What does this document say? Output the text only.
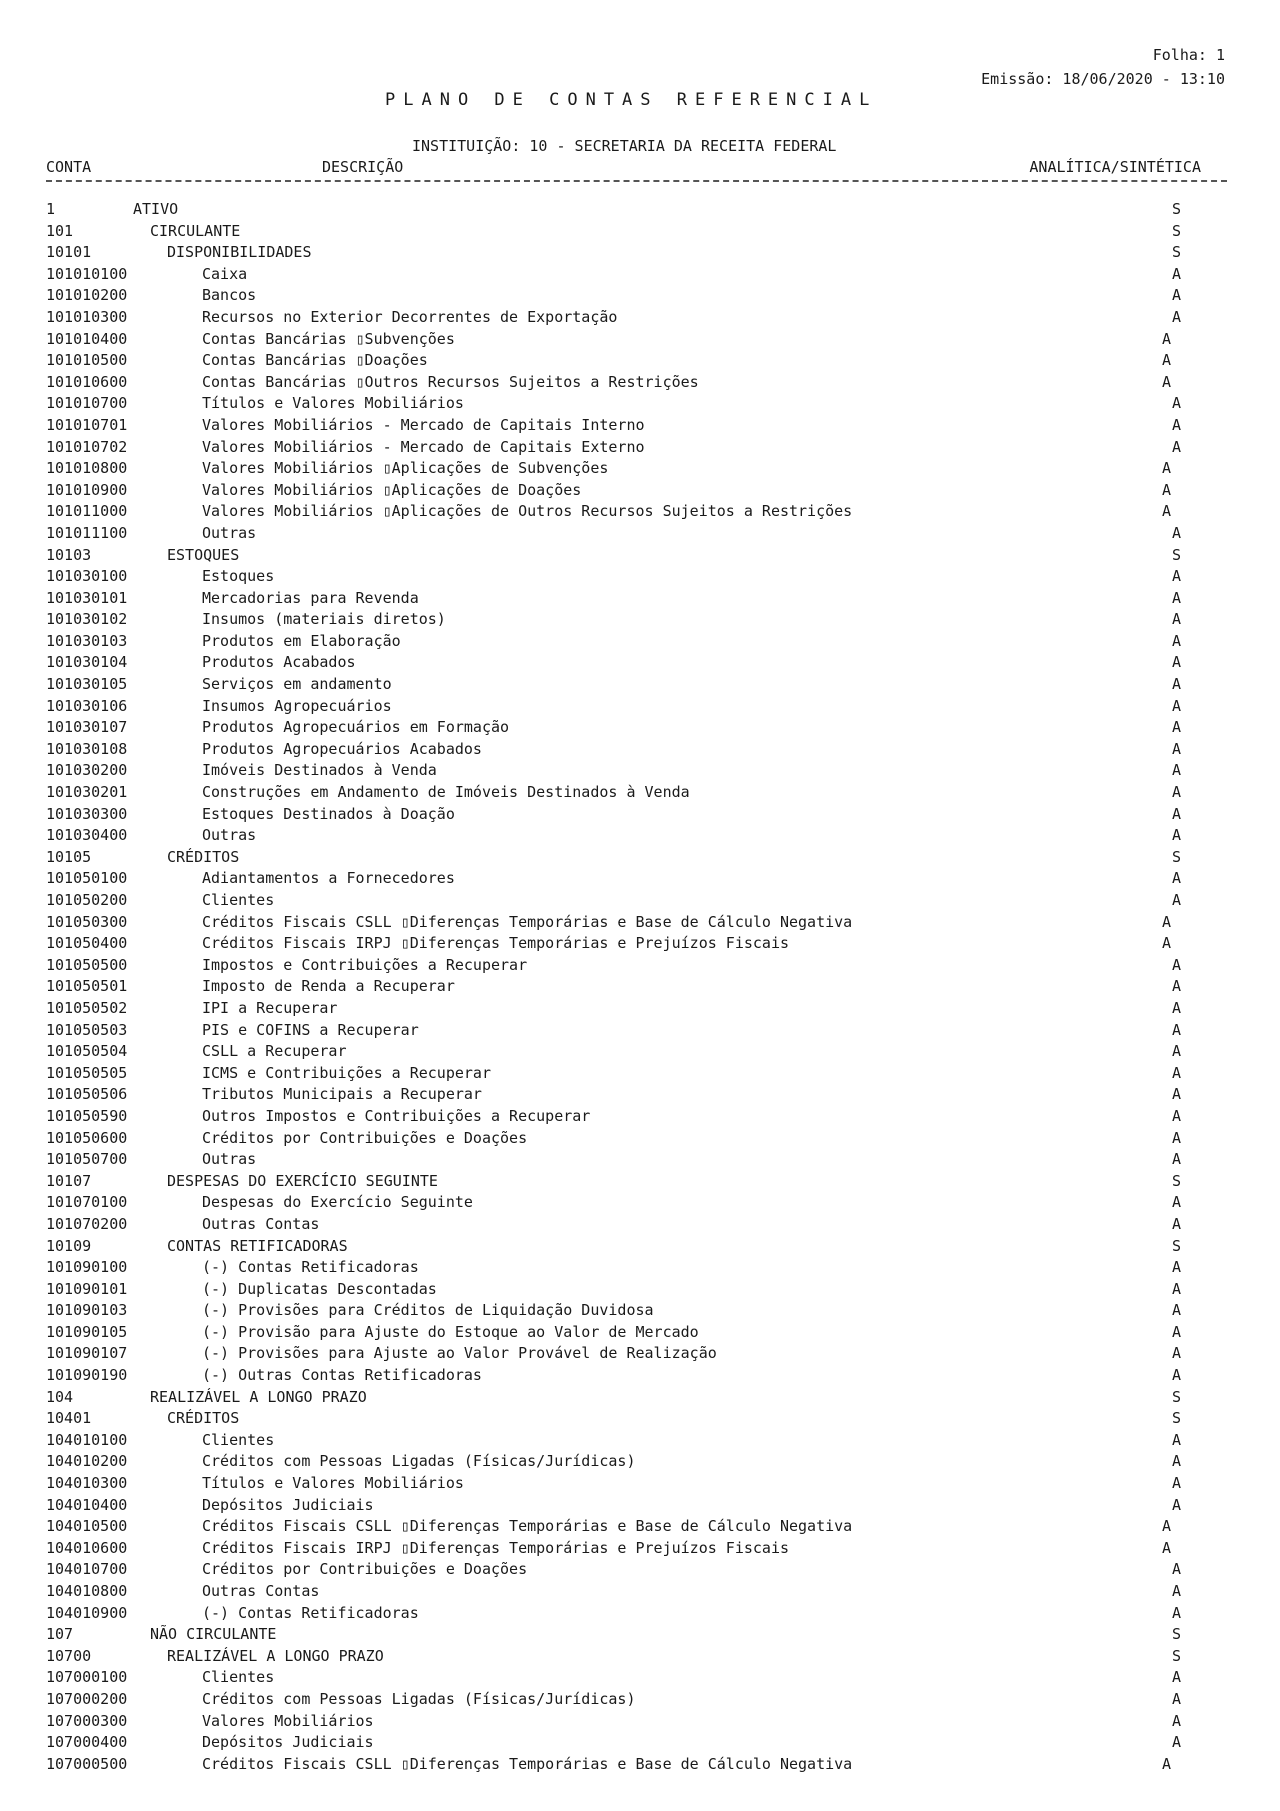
Folha: 1
Emissão: 18/06/2020 - 13:10
PLANO DE CONTAS REFERENCIAL
INSTITUIÇÃO: 10 - SECRETARIA DA RECEITA FEDERAL
CONTA	DESCRIÇÃO	ANALÍTICA/SINTÉTICA
1	ATIVO	S
101	CIRCULANTE	S
10101	DISPONIBILIDADES	S
101010100	Caixa	A
101010200	Bancos	A
101010300	Recursos no Exterior Decorrentes de Exportação	A
101010400	Contas Bancárias ▯Subvenções	A
101010500	Contas Bancárias ▯Doações	A
101010600	Contas Bancárias ▯Outros Recursos Sujeitos a Restrições	A
101010700	Títulos e Valores Mobiliários	A
101010701	Valores Mobiliários - Mercado de Capitais Interno	A
101010702	Valores Mobiliários - Mercado de Capitais Externo	A
101010800	Valores Mobiliários ▯Aplicações de Subvenções	A
101010900	Valores Mobiliários ▯Aplicações de Doações	A
101011000	Valores Mobiliários ▯Aplicações de Outros Recursos Sujeitos a Restrições	A
101011100	Outras	A
10103	ESTOQUES	S
101030100	Estoques	A
101030101	Mercadorias para Revenda	A
101030102	Insumos (materiais diretos)	A
101030103	Produtos em Elaboração	A
101030104	Produtos Acabados	A
101030105	Serviços em andamento	A
101030106	Insumos Agropecuários	A
101030107	Produtos Agropecuários em Formação	A
101030108	Produtos Agropecuários Acabados	A
101030200	Imóveis Destinados à Venda	A
101030201	Construções em Andamento de Imóveis Destinados à Venda	A
101030300	Estoques Destinados à Doação	A
101030400	Outras	A
10105	CRÉDITOS	S
101050100	Adiantamentos a Fornecedores	A
101050200	Clientes	A
101050300	Créditos Fiscais CSLL ▯Diferenças Temporárias e Base de Cálculo Negativa	A
101050400	Créditos Fiscais IRPJ ▯Diferenças Temporárias e Prejuízos Fiscais	A
101050500	Impostos e Contribuições a Recuperar	A
101050501	Imposto de Renda a Recuperar	A
101050502	IPI a Recuperar	A
101050503	PIS e COFINS a Recuperar	A
101050504	CSLL a Recuperar	A
101050505	ICMS e Contribuições a Recuperar	A
101050506	Tributos Municipais a Recuperar	A
101050590	Outros Impostos e Contribuições a Recuperar	A
101050600	Créditos por Contribuições e Doações	A
101050700	Outras	A
10107	DESPESAS DO EXERCÍCIO SEGUINTE	S
101070100	Despesas do Exercício Seguinte	A
101070200	Outras Contas	A
10109	CONTAS RETIFICADORAS	S
101090100	(-) Contas Retificadoras	A
101090101	(-) Duplicatas Descontadas	A
101090103	(-) Provisões para Créditos de Liquidação Duvidosa	A
101090105	(-) Provisão para Ajuste do Estoque ao Valor de Mercado	A
101090107	(-) Provisões para Ajuste ao Valor Provável de Realização	A
101090190	(-) Outras Contas Retificadoras	A
104	REALIZÁVEL A LONGO PRAZO	S
10401	CRÉDITOS	S
104010100	Clientes	A
104010200	Créditos com Pessoas Ligadas (Físicas/Jurídicas)	A
104010300	Títulos e Valores Mobiliários	A
104010400	Depósitos Judiciais	A
104010500	Créditos Fiscais CSLL ▯Diferenças Temporárias e Base de Cálculo Negativa	A
104010600	Créditos Fiscais IRPJ ▯Diferenças Temporárias e Prejuízos Fiscais	A
104010700	Créditos por Contribuições e Doações	A
104010800	Outras Contas	A
104010900	(-) Contas Retificadoras	A
107	NÃO CIRCULANTE	S
10700	REALIZÁVEL A LONGO PRAZO	S
107000100	Clientes	A
107000200	Créditos com Pessoas Ligadas (Físicas/Jurídicas)	A
107000300	Valores Mobiliários	A
107000400	Depósitos Judiciais	A
107000500	Créditos Fiscais CSLL ▯Diferenças Temporárias e Base de Cálculo Negativa	A
